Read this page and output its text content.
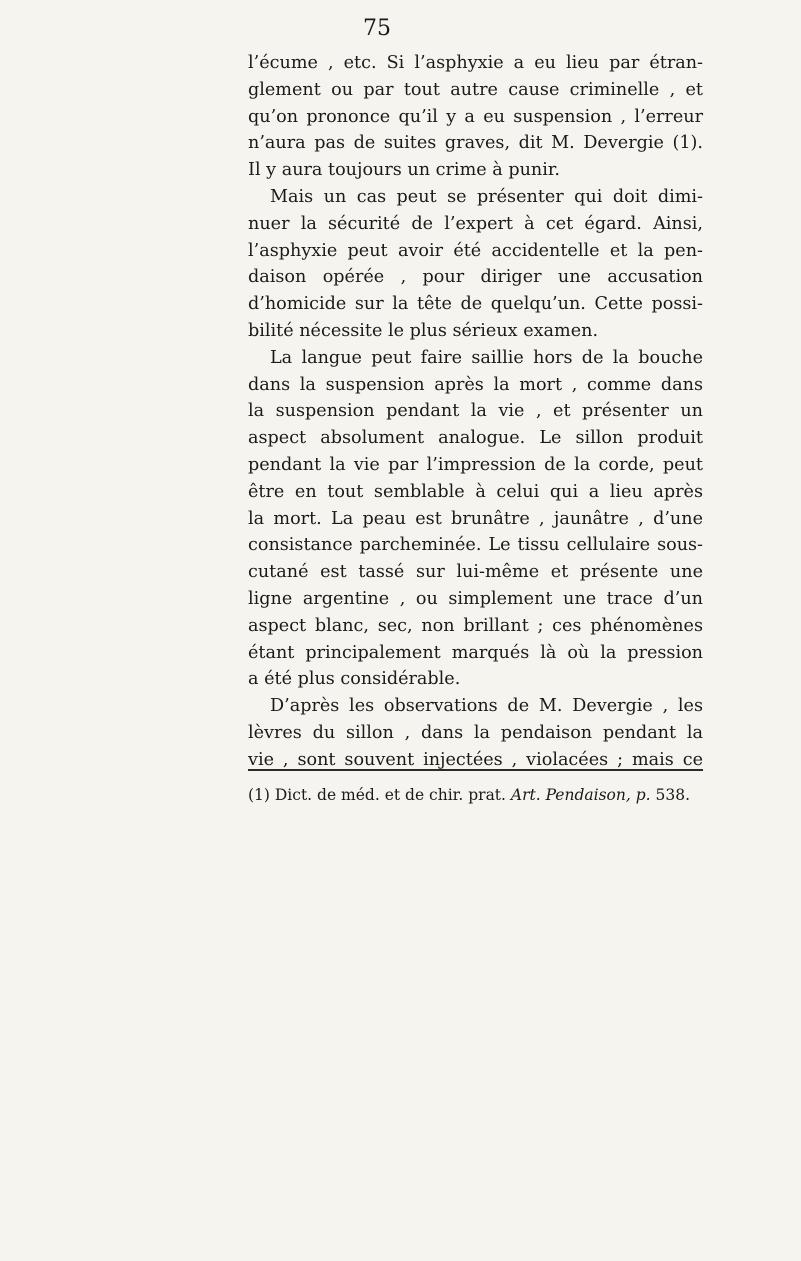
75
l’écume , etc. Si l’asphyxie a eu lieu par étran-
glement ou par tout autre cause criminelle , et
qu’on prononce qu’il y a eu suspension , l’erreur
n’aura pas de suites graves, dit M. Devergie (1).
Il y aura toujours un crime à punir.
Mais un cas peut se présenter qui doit dimi-
nuer la sécurité de l’expert à cet égard. Ainsi,
l’asphyxie peut avoir été accidentelle et la pen-
daison opérée , pour diriger une accusation
d’homicide sur la tête de quelqu’un. Cette possi-
bilité nécessite le plus sérieux examen.
La langue peut faire saillie hors de la bouche
dans la suspension après la mort , comme dans
la suspension pendant la vie , et présenter un
aspect absolument analogue. Le sillon produit
pendant la vie par l’impression de la corde, peut
être en tout semblable à celui qui a lieu après
la mort. La peau est brunâtre , jaunâtre , d’une
consistance parcheminée. Le tissu cellulaire sous-
cutané est tassé sur lui-même et présente une
ligne argentine , ou simplement une trace d’un
aspect blanc, sec, non brillant ; ces phénomènes
étant principalement marqués là où la pression
a été plus considérable.
D’après les observations de M. Devergie , les
lèvres du sillon , dans la pendaison pendant la
vie , sont souvent injectées , violacées ; mais ce
(1) Dict. de méd. et de chir. prat. Art. Pendaison, p. 538.
